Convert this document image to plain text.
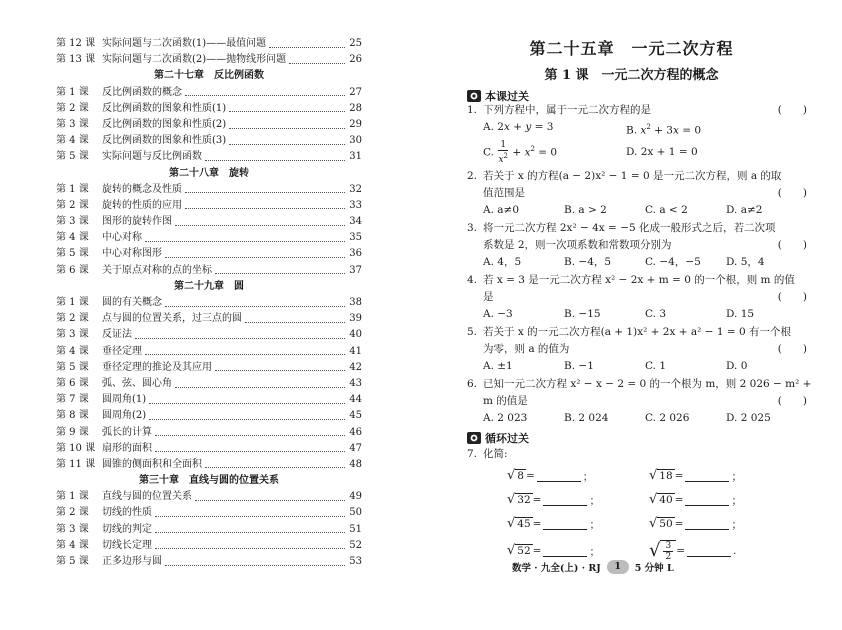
第 12 课 实际问题与二次函数(1)——最值问题	25
第 13 课 实际问题与二次函数(2)——抛物线形问题	26
第二十七章　反比例函数
第 1 课	反比例函数的概念	27
第 2 课	反比例函数的图象和性质(1)	28
第 3 课	反比例函数的图象和性质(2)	29
第 4 课	反比例函数的图象和性质(3)	30
第 5 课	实际问题与反比例函数	31
第二十八章　旋转
第 1 课	旋转的概念及性质	32
第 2 课	旋转的性质的应用	33
第 3 课	图形的旋转作图	34
第 4 课	中心对称	35
第 5 课	中心对称图形	36
第 6 课	关于原点对称的点的坐标	37
第二十九章　圆
第 1 课	圆的有关概念	38
第 2 课	点与圆的位置关系，过三点的圆	39
第 3 课	反证法	40
第 4 课	垂径定理	41
第 5 课	垂径定理的推论及其应用	42
第 6 课	弧、弦、圆心角	43
第 7 课	圆周角(1)	44
第 8 课	圆周角(2)	45
第 9 课	弧长的计算	46
第 10 课 扇形的面积	47
第 11 课 圆锥的侧面积和全面积	48
第三十章　直线与圆的位置关系
第 1 课	直线与圆的位置关系	49
第 2 课	切线的性质	50
第 3 课	切线的判定	51
第 4 课	切线长定理	52
第 5 课	正多边形与圆	53
第二十五章　一元二次方程
第 1 课　一元二次方程的概念
本课过关
1. 下列方程中，属于一元二次方程的是	(　　)
A. 2x + y = 3	B. $x^2 + 3x = 0$
C. $\frac{1}{x^2} + x^2 = 0$	D. 2x + 1 = 0
2. 若关于 x 的方程(a − 2)x² − 1 = 0 是一元二次方程，则 a 的取
值范围是	(　　)
A. a≠0	B. a > 2	C. a < 2	D. a≠2
3. 将一元二次方程 2x² − 4x = −5 化成一般形式之后，若二次项
系数是 2，则一次项系数和常数项分别为	(　　)
A. 4，5	B. −4，5	C. −4，−5	D. 5，4
4. 若 x = 3 是一元二次方程 x² − 2x + m = 0 的一个根，则 m 的值
是	(　　)
A. −3	B. −15	C. 3	D. 15
5. 若关于 x 的一元二次方程(a + 1)x² + 2x + a² − 1 = 0 有一个根
为零，则 a 的值为	(　　)
A. ±1	B. −1	C. 1	D. 0
6. 已知一元二次方程 x² − x − 2 = 0 的一个根为 m，则 2 026 − m² +
m 的值是	(　　)
A. 2 023	B. 2 024	C. 2 026	D. 2 025
循环过关
7. 化简:
√ 8 =	；	√ 18 =	；
√ 32 =	；	√ 40 =	；
√ 45 =	；	√ 50 =	；
√ 52 =	；	√ $\frac{3}{2}$ =	.
数学 · 九全(上) · RJ	1	5 分钟 L
